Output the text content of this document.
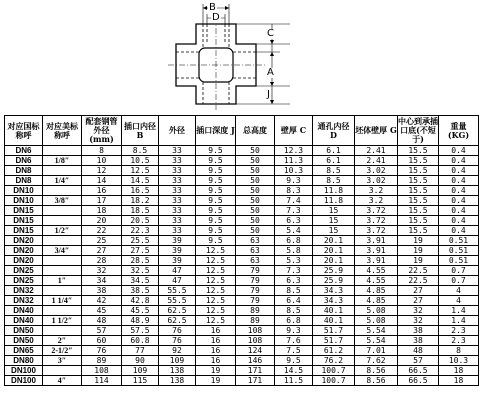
B
D
C
A
J
对应国标称呼	对应美标称呼	配套钢管外径(mm)	插口内径 B	外径	插口深度 J	总高度	壁厚 C	通孔内径 D	坯体壁厚 G	中心到承插口底(不短于)	重量 (KG)
DN6		8	8.5	33	9.5	50	12.3	6.1	2.41	15.5	0.4
DN6	1/8″	10	10.5	33	9.5	50	11.3	6.1	2.41	15.5	0.4
DN8		12	12.5	33	9.5	50	10.3	8.5	3.02	15.5	0.4
DN8	1/4″	14	14.5	33	9.5	50	9.3	8.5	3.02	15.5	0.4
DN10		16	16.5	33	9.5	50	8.3	11.8	3.2	15.5	0.4
DN10	3/8″	17	18.2	33	9.5	50	7.4	11.8	3.2	15.5	0.4
DN15		18	18.5	33	9.5	50	7.3	15	3.72	15.5	0.4
DN15		20	20.5	33	9.5	50	6.3	15	3.72	15.5	0.4
DN15	1/2″	22	22.3	33	9.5	50	5.4	15	3.72	15.5	0.4
DN20		25	25.5	39	9.5	63	6.8	20.1	3.91	19	0.51
DN20	3/4″	27	27.5	39	12.5	63	5.8	20.1	3.91	19	0.51
DN20		28	28.5	39	12.5	63	5.3	20.1	3.91	19	0.51
DN25		32	32.5	47	12.5	79	7.3	25.9	4.55	22.5	0.7
DN25	1″	34	34.5	47	12.5	79	6.3	25.9	4.55	22.5	0.7
DN32		38	38.5	55.5	12.5	79	8.5	34.3	4.85	27	4
DN32	1 1/4″	42	42.8	55.5	12.5	79	6.4	34.3	4.85	27	4
DN40		45	45.5	62.5	12.5	89	8.5	40.1	5.08	32	1.4
DN40	1 1/2″	48	48.9	62.5	12.5	89	6.8	40.1	5.08	32	1.4
DN50		57	57.5	76	16	108	9.3	51.7	5.54	38	2.3
DN50	2″	60	60.8	76	16	108	7.6	51.7	5.54	38	2.3
DN65	2-1/2″	76	77	92	16	124	7.5	61.2	7.01	48	8
DN80	3″	89	90	109	16	146	9.5	76.2	7.62	57	10.3
DN100		108	109	138	19	171	14.5	100.7	8.56	66.5	18
DN100	4″	114	115	138	19	171	11.5	100.7	8.56	66.5	18
